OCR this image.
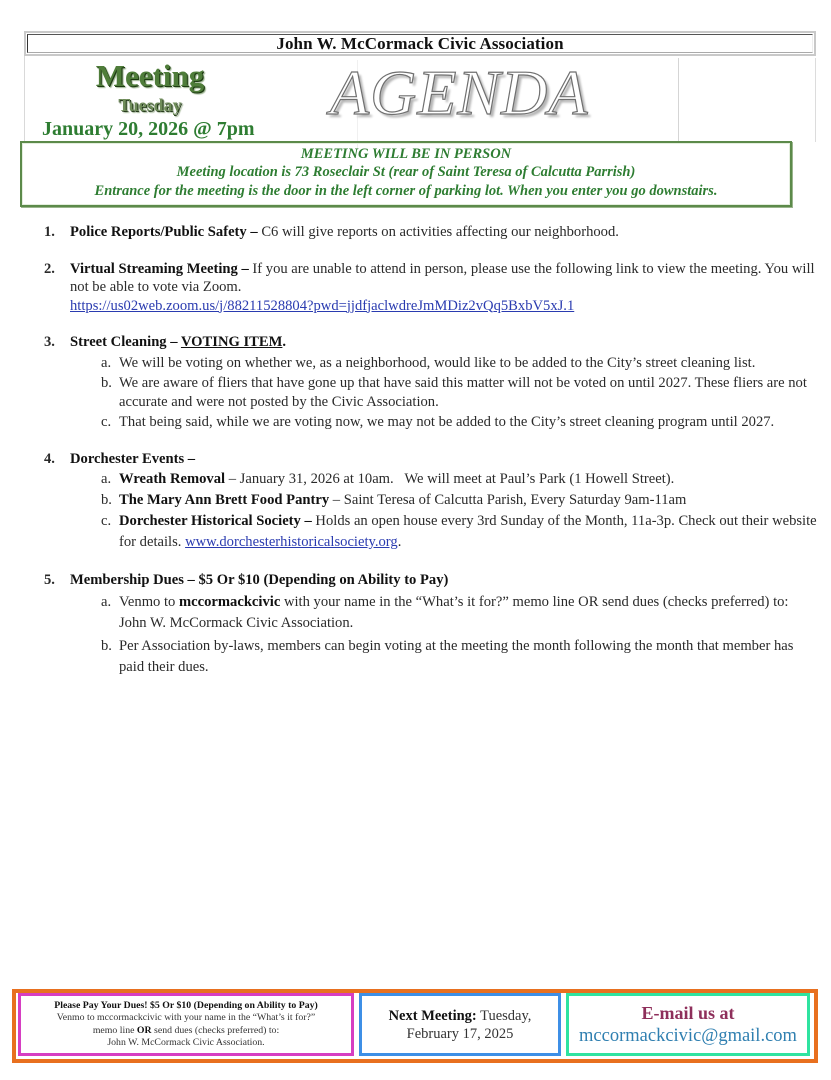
John W. McCormack Civic Association
Meeting
Tuesday
January 20, 2026 @ 7pm
AGENDA
MEETING WILL BE IN PERSON
Meeting location is 73 Roseclair St (rear of Saint Teresa of Calcutta Parrish)
Entrance for the meeting is the door in the left corner of parking lot. When you enter you go downstairs.
1. Police Reports/Public Safety – C6 will give reports on activities affecting our neighborhood.
2. Virtual Streaming Meeting – If you are unable to attend in person, please use the following link to view the meeting. You will not be able to vote via Zoom.
https://us02web.zoom.us/j/88211528804?pwd=jjdfjaclwdreJmMDiz2vQq5BxbV5xJ.1
3. Street Cleaning – VOTING ITEM.
a. We will be voting on whether we, as a neighborhood, would like to be added to the City’s street cleaning list.
b. We are aware of fliers that have gone up that have said this matter will not be voted on until 2027. These fliers are not accurate and were not posted by the Civic Association.
c. That being said, while we are voting now, we may not be added to the City’s street cleaning program until 2027.
4. Dorchester Events –
a. Wreath Removal – January 31, 2026 at 10am.   We will meet at Paul’s Park (1 Howell Street).
b. The Mary Ann Brett Food Pantry – Saint Teresa of Calcutta Parish, Every Saturday 9am-11am
c. Dorchester Historical Society – Holds an open house every 3rd Sunday of the Month, 11a-3p. Check out their website for details. www.dorchesterhistoricalsociety.org.
5. Membership Dues – $5 Or $10 (Depending on Ability to Pay)
a. Venmo to mccormackcivic with your name in the “What’s it for?” memo line OR send dues (checks preferred) to: John W. McCormack Civic Association.
b. Per Association by-laws, members can begin voting at the meeting the month following the month that member has paid their dues.
Please Pay Your Dues! $5 Or $10 (Depending on Ability to Pay)
Venmo to mccormackcivic with your name in the “What’s it for?”
memo line OR send dues (checks preferred) to:
John W. McCormack Civic Association.
Next Meeting: Tuesday,
February 17, 2025
E-mail us at
mccormackcivic@gmail.com
